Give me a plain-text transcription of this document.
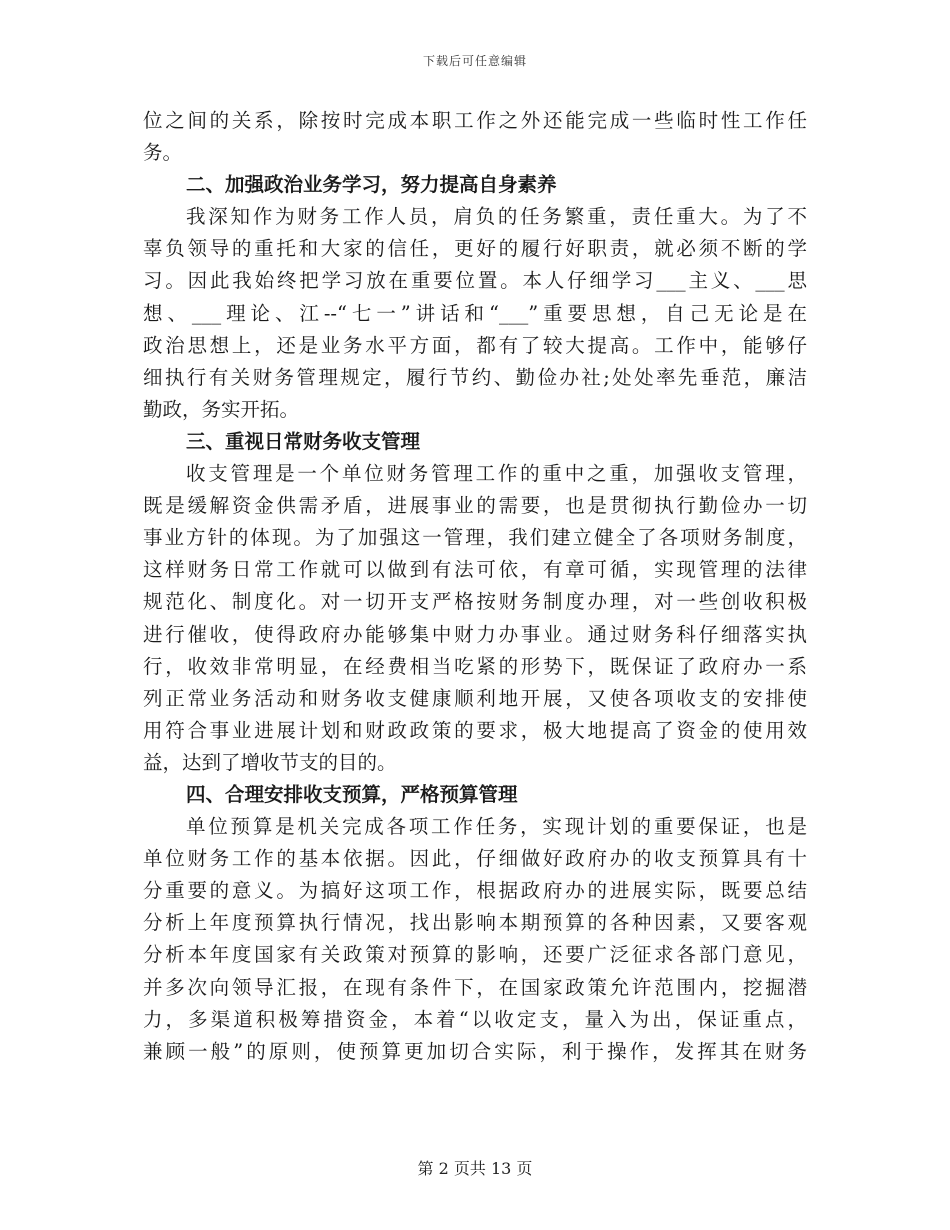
下载后可任意编辑
位之间的关系，除按时完成本职工作之外还能完成一些临时性工作任
务。
二、加强政治业务学习，努力提高自身素养
我深知作为财务工作人员，肩负的任务繁重，责任重大。为了不
辜负领导的重托和大家的信任，更好的履行好职责，就必须不断的学
习。因此我始终把学习放在重要位置。本人仔细学习___主义、___思
想、___理论、江--“七一”讲话和“___”重要思想，自己无论是在
政治思想上，还是业务水平方面，都有了较大提高。工作中，能够仔
细执行有关财务管理规定，履行节约、勤俭办社;处处率先垂范，廉洁
勤政，务实开拓。
三、重视日常财务收支管理
收支管理是一个单位财务管理工作的重中之重，加强收支管理，
既是缓解资金供需矛盾，进展事业的需要，也是贯彻执行勤俭办一切
事业方针的体现。为了加强这一管理，我们建立健全了各项财务制度，
这样财务日常工作就可以做到有法可依，有章可循，实现管理的法律
规范化、制度化。对一切开支严格按财务制度办理，对一些创收积极
进行催收，使得政府办能够集中财力办事业。通过财务科仔细落实执
行，收效非常明显，在经费相当吃紧的形势下，既保证了政府办一系
列正常业务活动和财务收支健康顺利地开展，又使各项收支的安排使
用符合事业进展计划和财政政策的要求，极大地提高了资金的使用效
益，达到了增收节支的目的。
四、合理安排收支预算，严格预算管理
单位预算是机关完成各项工作任务，实现计划的重要保证，也是
单位财务工作的基本依据。因此，仔细做好政府办的收支预算具有十
分重要的意义。为搞好这项工作，根据政府办的进展实际，既要总结
分析上年度预算执行情况，找出影响本期预算的各种因素，又要客观
分析本年度国家有关政策对预算的影响，还要广泛征求各部门意见，
并多次向领导汇报，在现有条件下，在国家政策允许范围内，挖掘潜
力，多渠道积极筹措资金，本着“以收定支，量入为出，保证重点，
兼顾一般”的原则，使预算更加切合实际，利于操作，发挥其在财务
第 2 页共 13 页
